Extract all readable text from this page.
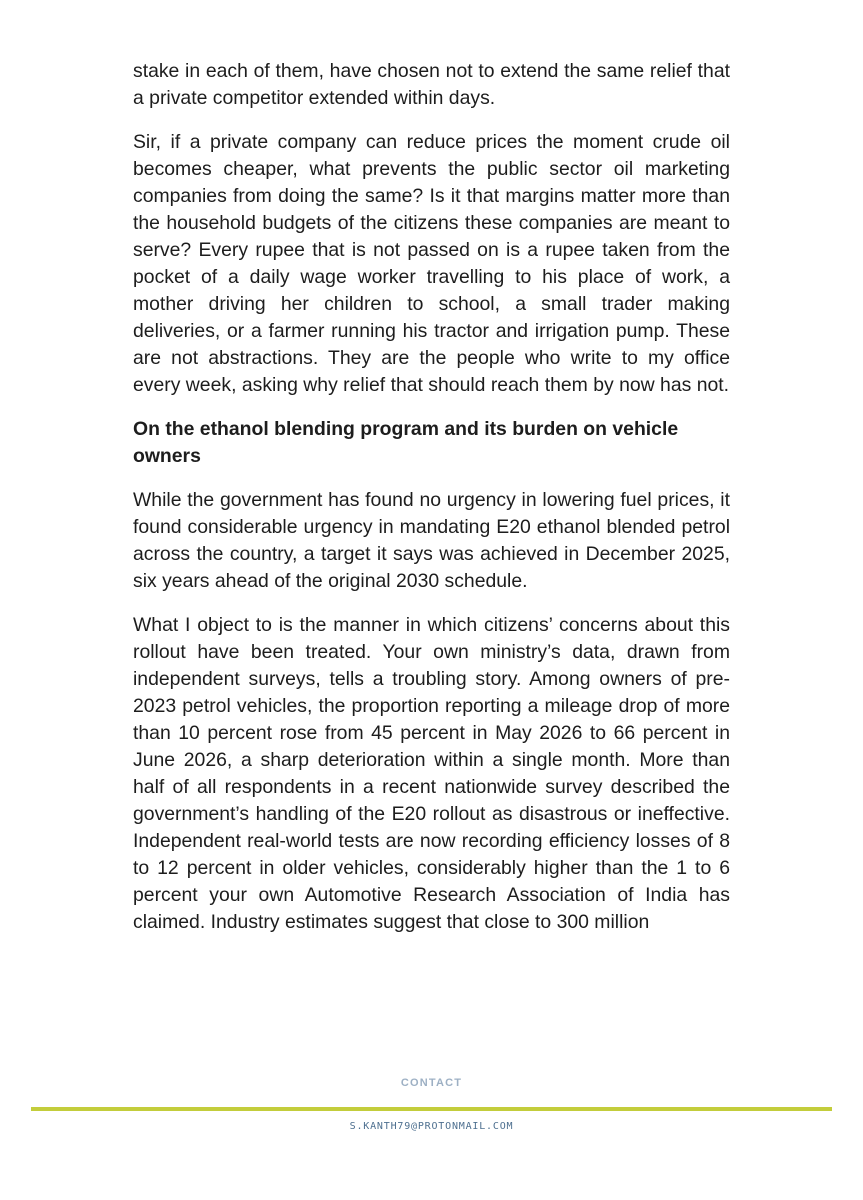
stake in each of them, have chosen not to extend the same relief that a private competitor extended within days.

Sir, if a private company can reduce prices the moment crude oil becomes cheaper, what prevents the public sector oil marketing companies from doing the same? Is it that margins matter more than the household budgets of the citizens these companies are meant to serve? Every rupee that is not passed on is a rupee taken from the pocket of a daily wage worker travelling to his place of work, a mother driving her children to school, a small trader making deliveries, or a farmer running his tractor and irrigation pump. These are not abstractions. They are the people who write to my office every week, asking why relief that should reach them by now has not.

On the ethanol blending program and its burden on vehicle owners

While the government has found no urgency in lowering fuel prices, it found considerable urgency in mandating E20 ethanol blended petrol across the country, a target it says was achieved in December 2025, six years ahead of the original 2030 schedule.

What I object to is the manner in which citizens’ concerns about this rollout have been treated. Your own ministry’s data, drawn from independent surveys, tells a troubling story. Among owners of pre-2023 petrol vehicles, the proportion reporting a mileage drop of more than 10 percent rose from 45 percent in May 2026 to 66 percent in June 2026, a sharp deterioration within a single month. More than half of all respondents in a recent nationwide survey described the government’s handling of the E20 rollout as disastrous or ineffective. Independent real-world tests are now recording efficiency losses of 8 to 12 percent in older vehicles, considerably higher than the 1 to 6 percent your own Automotive Research Association of India has claimed. Industry estimates suggest that close to 300 million

CONTACT
S.KANTH79@PROTONMAIL.COM
